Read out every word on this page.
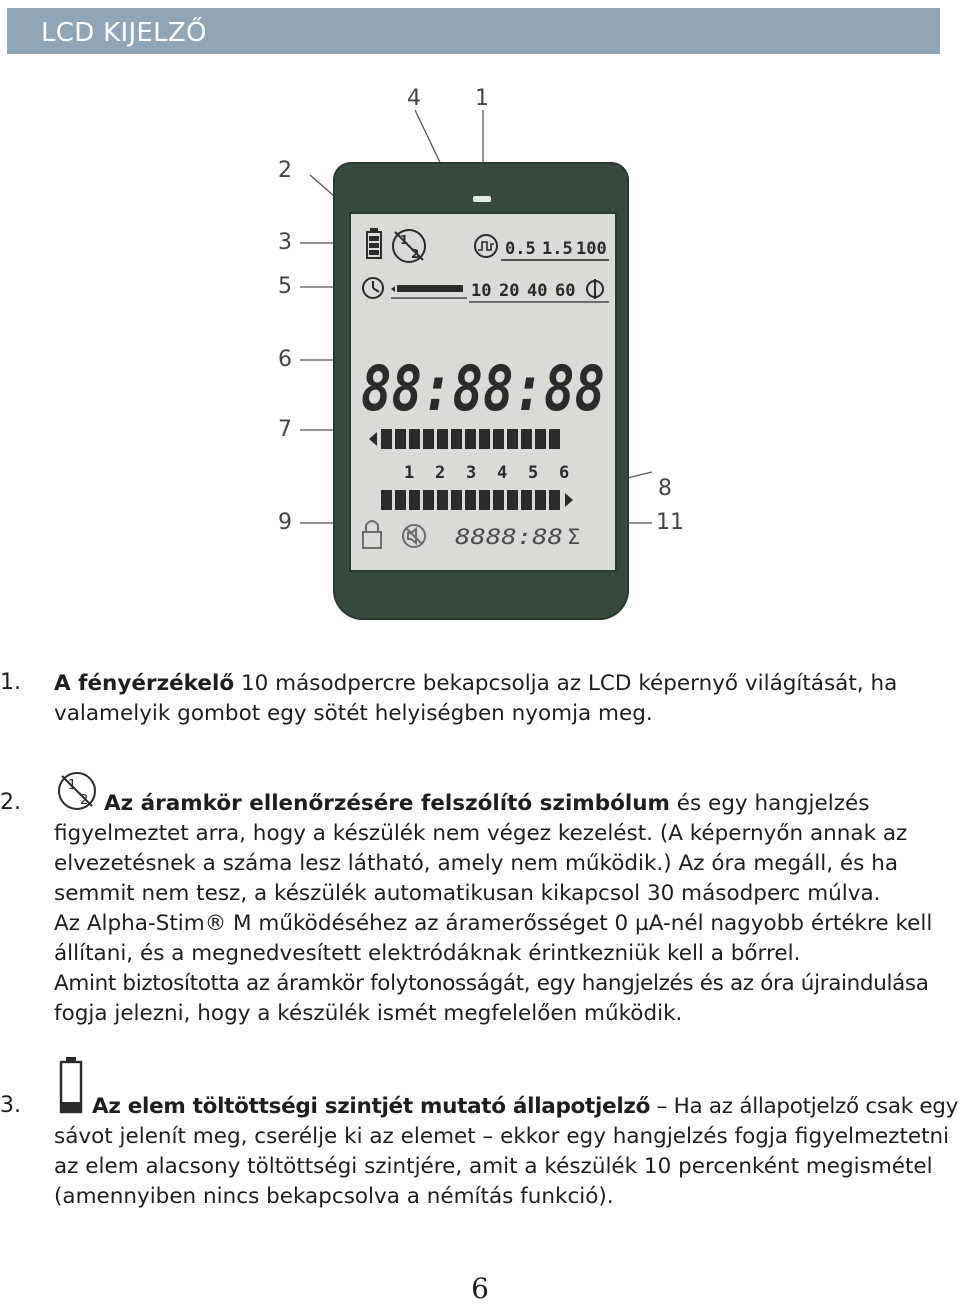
LCD KIJELZŐ
1
2	0.5 1.5 100
10 20 40 60
88:88:88
1 2 3 4 5 6
8888:88 Σ
1
2
3
4
5
6
7
8
9
10
11
1. A fényérzékelő 10 másodpercre bekapcsolja az LCD képernyő világítását, ha
valamelyik gombot egy sötét helyiségben nyomja meg.
2.
1
2 Az áramkör ellenőrzésére felszólító szimbólum és egy hangjelzés
figyelmeztet arra, hogy a készülék nem végez kezelést. (A képernyőn annak az
elvezetésnek a száma lesz látható, amely nem működik.) Az óra megáll, és ha
semmit nem tesz, a készülék automatikusan kikapcsol 30 másodperc múlva.
Az Alpha-Stim® M működéséhez az áramerősséget 0 µA-nél nagyobb értékre kell
állítani, és a megnedvesített elektródáknak érintkezniük kell a bőrrel.
Amint biztosította az áramkör folytonosságát, egy hangjelzés és az óra újraindulása
fogja jelezni, hogy a készülék ismét megfelelően működik.
3.	Az elem töltöttségi szintjét mutató állapotjelző – Ha az állapotjelző csak egy
sávot jelenít meg, cserélje ki az elemet – ekkor egy hangjelzés fogja figyelmeztetni
az elem alacsony töltöttségi szintjére, amit a készülék 10 percenként megismétel
(amennyiben nincs bekapcsolva a némítás funkció).
6
